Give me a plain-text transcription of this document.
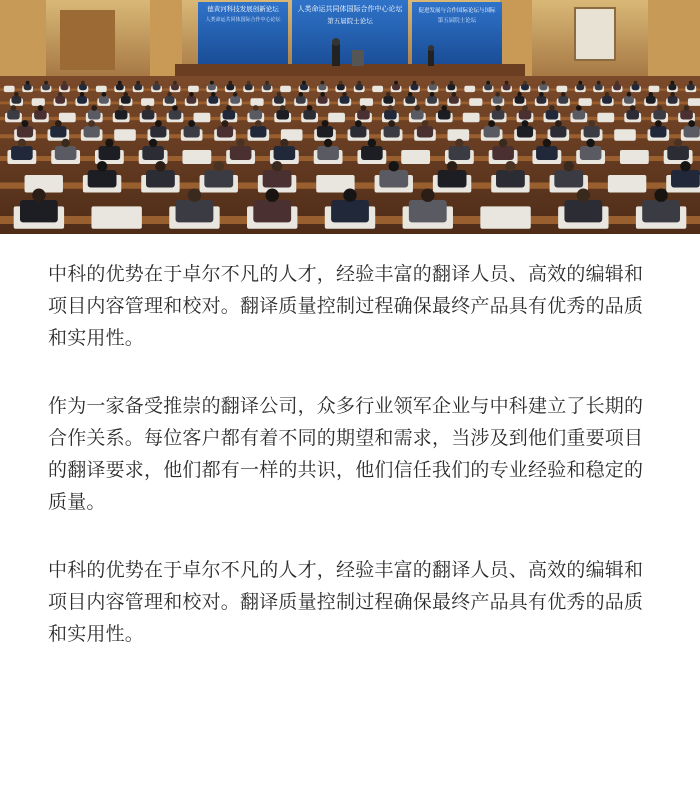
德黄河科技发展创新论坛
人类命运共同体国际合作中心论坛
人类命运共同体国际合作中心论坛
第五届院士论坛
促进发展与合作国际论坛与国际
第五届院士论坛

中科的优势在于卓尔不凡的人才，经验丰富的翻译人员、高效的编辑和项目内容管理和校对。翻译质量控制过程确保最终产品具有优秀的品质和实用性。

作为一家备受推崇的翻译公司，众多行业领军企业与中科建立了长期的合作关系。每位客户都有着不同的期望和需求，当涉及到他们重要项目的翻译要求，他们都有一样的共识，他们信任我们的专业经验和稳定的质量。

中科的优势在于卓尔不凡的人才，经验丰富的翻译人员、高效的编辑和项目内容管理和校对。翻译质量控制过程确保最终产品具有优秀的品质和实用性。
